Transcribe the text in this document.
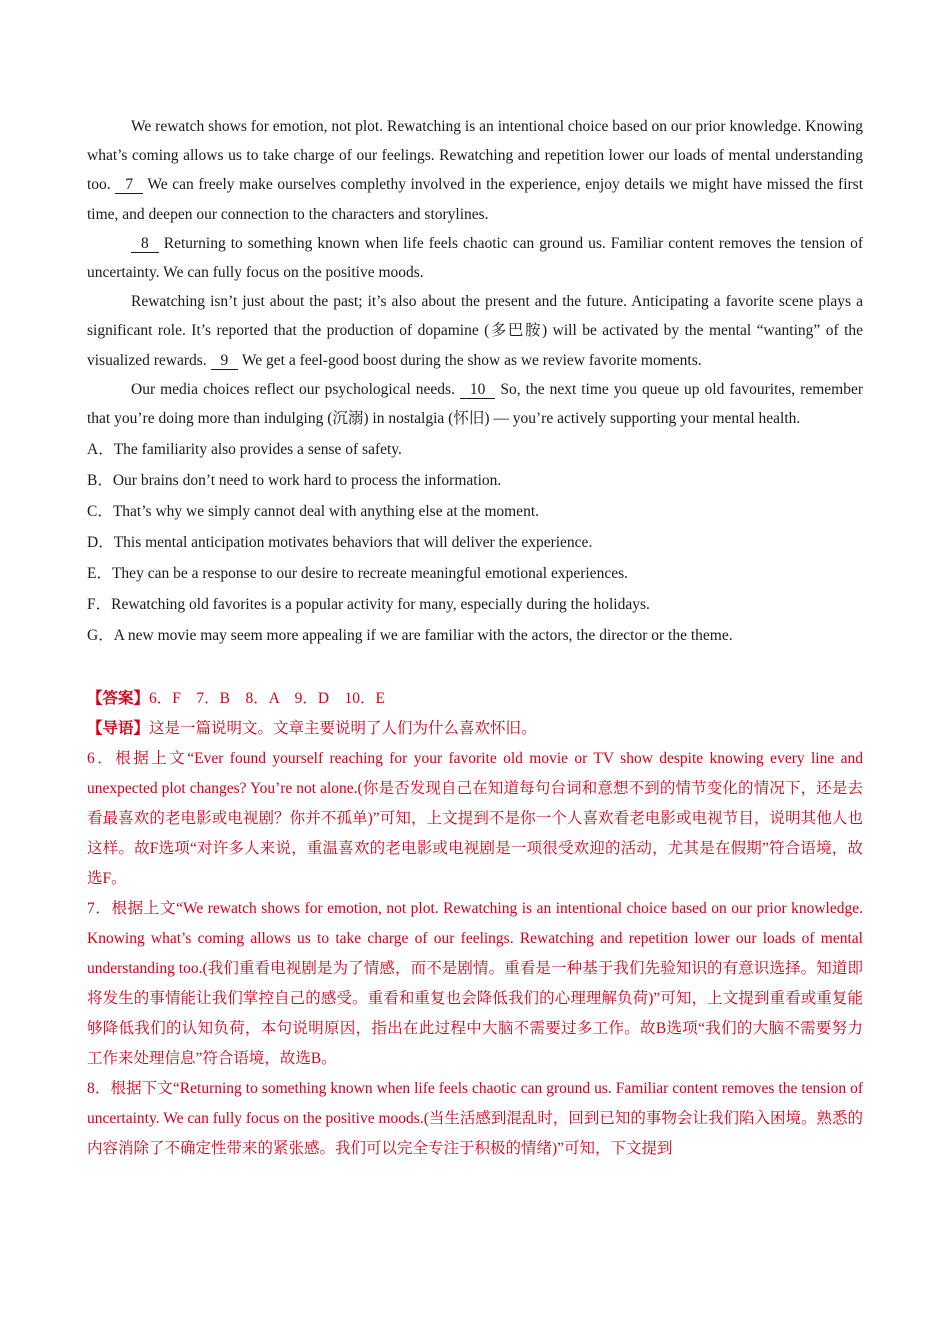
We rewatch shows for emotion, not plot. Rewatching is an intentional choice based on our prior knowledge. Knowing what’s coming allows us to take charge of our feelings. Rewatching and repetition lower our loads of mental understanding too. 7 We can freely make ourselves complethy involved in the experience, enjoy details we might have missed the first time, and deepen our connection to the characters and storylines.

8 Returning to something known when life feels chaotic can ground us. Familiar content removes the tension of uncertainty. We can fully focus on the positive moods.

Rewatching isn’t just about the past; it’s also about the present and the future. Anticipating a favorite scene plays a significant role. It’s reported that the production of dopamine (多巴胺) will be activated by the mental “wanting” of the visualized rewards. 9 We get a feel-good boost during the show as we review favorite moments.

Our media choices reflect our psychological needs. 10 So, the next time you queue up old favourites, remember that you’re doing more than indulging (沉溺) in nostalgia (怀旧) — you’re actively supporting your mental health.

A．The familiarity also provides a sense of safety.

B．Our brains don’t need to work hard to process the information.

C．That’s why we simply cannot deal with anything else at the moment.

D．This mental anticipation motivates behaviors that will deliver the experience.

E．They can be a response to our desire to recreate meaningful emotional experiences.

F．Rewatching old favorites is a popular activity for many, especially during the holidays.

G．A new movie may seem more appealing if we are familiar with the actors, the director or the theme.

【答案】6．F　7．B　8．A　9．D　10．E

【导语】这是一篇说明文。文章主要说明了人们为什么喜欢怀旧。

6．根据上文“Ever found yourself reaching for your favorite old movie or TV show despite knowing every line and unexpected plot changes? You’re not alone.(你是否发现自己在知道每句台词和意想不到的情节变化的情况下，还是去看最喜欢的老电影或电视剧？你并不孤单)”可知，上文提到不是你一个人喜欢看老电影或电视节目，说明其他人也这样。故F选项“对许多人来说，重温喜欢的老电影或电视剧是一项很受欢迎的活动，尤其是在假期”符合语境，故选F。

7．根据上文“We rewatch shows for emotion, not plot. Rewatching is an intentional choice based on our prior knowledge. Knowing what’s coming allows us to take charge of our feelings. Rewatching and repetition lower our loads of mental understanding too.(我们重看电视剧是为了情感，而不是剧情。重看是一种基于我们先验知识的有意识选择。知道即将发生的事情能让我们掌控自己的感受。重看和重复也会降低我们的心理理解负荷)”可知，上文提到重看或重复能够降低我们的认知负荷，本句说明原因，指出在此过程中大脑不需要过多工作。故B选项“我们的大脑不需要努力工作来处理信息”符合语境，故选B。

8．根据下文“Returning to something known when life feels chaotic can ground us. Familiar content removes the tension of uncertainty. We can fully focus on the positive moods.(当生活感到混乱时，回到已知的事物会让我们陷入困境。熟悉的内容消除了不确定性带来的紧张感。我们可以完全专注于积极的情绪)”可知，下文提到
